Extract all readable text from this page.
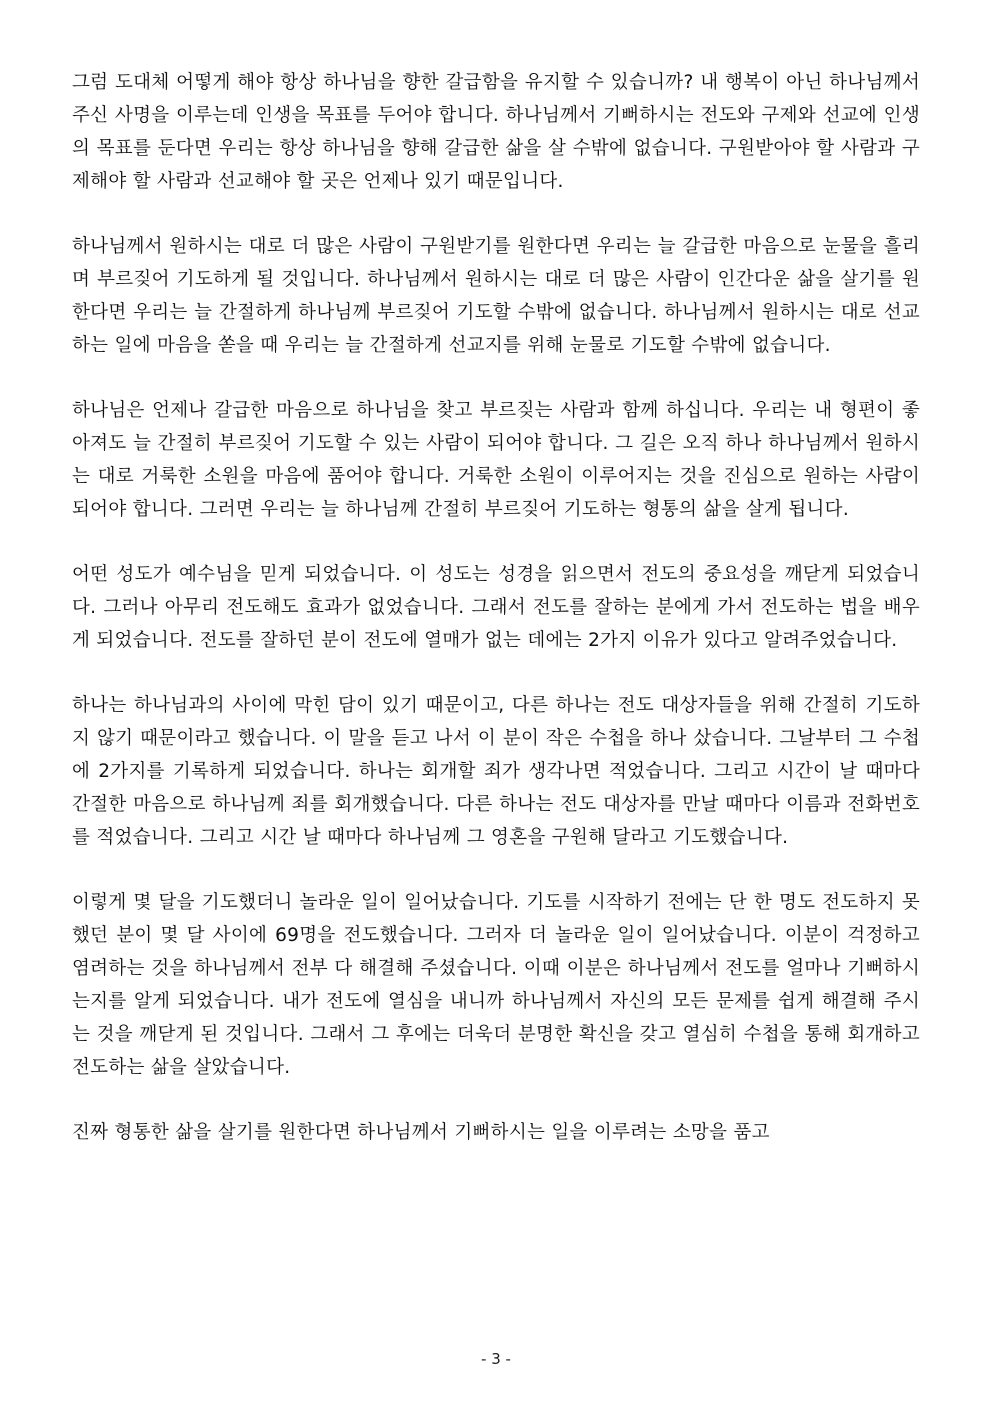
그럼 도대체 어떻게 해야 항상 하나님을 향한 갈급함을 유지할 수 있습니까? 내 행복이 아닌 하나님께서 주신 사명을 이루는데 인생을 목표를 두어야 합니다. 하나님께서 기뻐하시는 전도와 구제와 선교에 인생의 목표를 둔다면 우리는 항상 하나님을 향해 갈급한 삶을 살 수밖에 없습니다. 구원받아야 할 사람과 구제해야 할 사람과 선교해야 할 곳은 언제나 있기 때문입니다.

하나님께서 원하시는 대로 더 많은 사람이 구원받기를 원한다면 우리는 늘 갈급한 마음으로 눈물을 흘리며 부르짖어 기도하게 될 것입니다. 하나님께서 원하시는 대로 더 많은 사람이 인간다운 삶을 살기를 원한다면 우리는 늘 간절하게 하나님께 부르짖어 기도할 수밖에 없습니다. 하나님께서 원하시는 대로 선교하는 일에 마음을 쏟을 때 우리는 늘 간절하게 선교지를 위해 눈물로 기도할 수밖에 없습니다.

하나님은 언제나 갈급한 마음으로 하나님을 찾고 부르짖는 사람과 함께 하십니다. 우리는 내 형편이 좋아져도 늘 간절히 부르짖어 기도할 수 있는 사람이 되어야 합니다. 그 길은 오직 하나 하나님께서 원하시는 대로 거룩한 소원을 마음에 품어야 합니다. 거룩한 소원이 이루어지는 것을 진심으로 원하는 사람이 되어야 합니다. 그러면 우리는 늘 하나님께 간절히 부르짖어 기도하는 형통의 삶을 살게 됩니다.

어떤 성도가 예수님을 믿게 되었습니다. 이 성도는 성경을 읽으면서 전도의 중요성을 깨닫게 되었습니다. 그러나 아무리 전도해도 효과가 없었습니다. 그래서 전도를 잘하는 분에게 가서 전도하는 법을 배우게 되었습니다. 전도를 잘하던 분이 전도에 열매가 없는 데에는 2가지 이유가 있다고 알려주었습니다.

하나는 하나님과의 사이에 막힌 담이 있기 때문이고, 다른 하나는 전도 대상자들을 위해 간절히 기도하지 않기 때문이라고 했습니다. 이 말을 듣고 나서 이 분이 작은 수첩을 하나 샀습니다. 그날부터 그 수첩에 2가지를 기록하게 되었습니다. 하나는 회개할 죄가 생각나면 적었습니다. 그리고 시간이 날 때마다 간절한 마음으로 하나님께 죄를 회개했습니다. 다른 하나는 전도 대상자를 만날 때마다 이름과 전화번호를 적었습니다. 그리고 시간 날 때마다 하나님께 그 영혼을 구원해 달라고 기도했습니다.

이렇게 몇 달을 기도했더니 놀라운 일이 일어났습니다. 기도를 시작하기 전에는 단 한 명도 전도하지 못했던 분이 몇 달 사이에 69명을 전도했습니다. 그러자 더 놀라운 일이 일어났습니다. 이분이 걱정하고 염려하는 것을 하나님께서 전부 다 해결해 주셨습니다. 이때 이분은 하나님께서 전도를 얼마나 기뻐하시는지를 알게 되었습니다. 내가 전도에 열심을 내니까 하나님께서 자신의 모든 문제를 쉽게 해결해 주시는 것을 깨닫게 된 것입니다. 그래서 그 후에는 더욱더 분명한 확신을 갖고 열심히 수첩을 통해 회개하고 전도하는 삶을 살았습니다.

진짜 형통한 삶을 살기를 원한다면 하나님께서 기뻐하시는 일을 이루려는 소망을 품고

- 3 -
